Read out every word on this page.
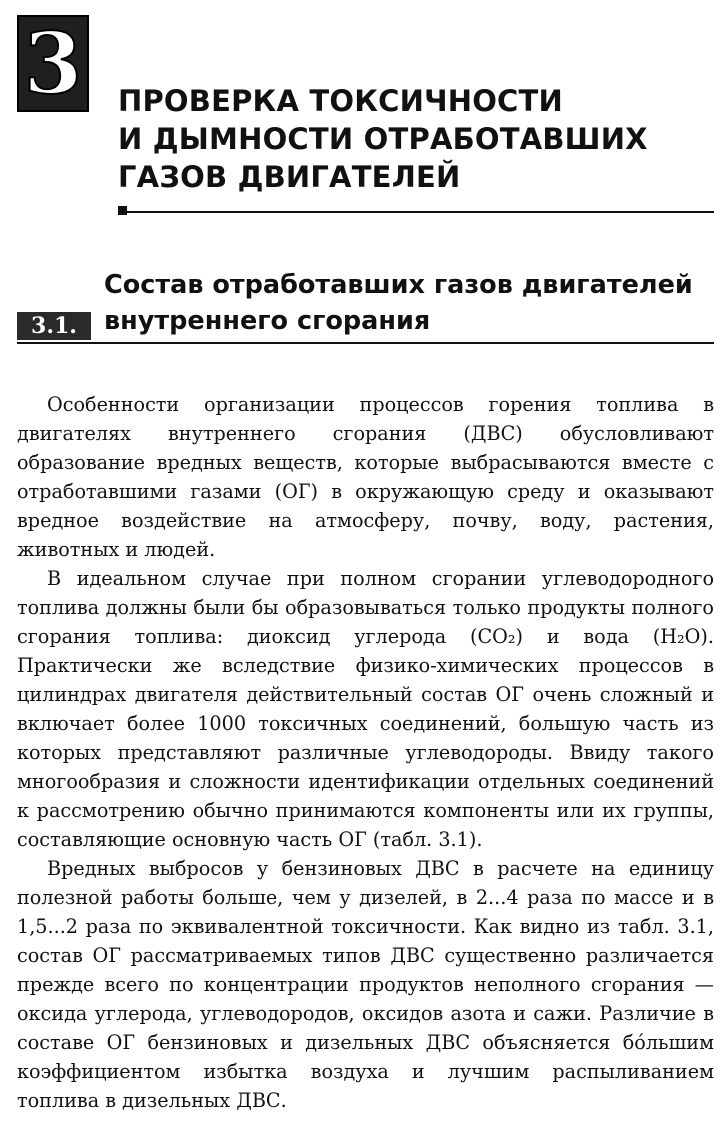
3 ПРОВЕРКА ТОКСИЧНОСТИ
И ДЫМНОСТИ ОТРАБОТАВШИХ
ГАЗОВ ДВИГАТЕЛЕЙ
Состав отработавших газов двигателей
внутреннего сгорания
3.1.

Особенности организации процессов горения топлива в двигателях внутреннего сгорания (ДВС) обусловливают образование вредных веществ, которые выбрасываются вместе с отработавшими газами (ОГ) в окружающую среду и оказывают вредное воздействие на атмосферу, почву, воду, растения, животных и людей.

В идеальном случае при полном сгорании углеводородного топлива должны были бы образовываться только продукты полного сгорания топлива: диоксид углерода (CO₂) и вода (H₂O). Практически же вследствие физико-химических процессов в цилиндрах двигателя действительный состав ОГ очень сложный и включает более 1000 токсичных соединений, большую часть из которых представляют различные углеводороды. Ввиду такого многообразия и сложности идентификации отдельных соединений к рассмотрению обычно принимаются компоненты или их группы, составляющие основную часть ОГ (табл. 3.1).

Вредных выбросов у бензиновых ДВС в расчете на единицу полезной работы больше, чем у дизелей, в 2...4 раза по массе и в 1,5...2 раза по эквивалентной токсичности. Как видно из табл. 3.1, состав ОГ рассматриваемых типов ДВС существенно различается прежде всего по концентрации продуктов неполного сгорания — оксида углерода, углеводородов, оксидов азота и сажи. Различие в составе ОГ бензиновых и дизельных ДВС объясняется бóльшим коэффициентом избытка воздуха и лучшим распыливанием топлива в дизельных ДВС.
